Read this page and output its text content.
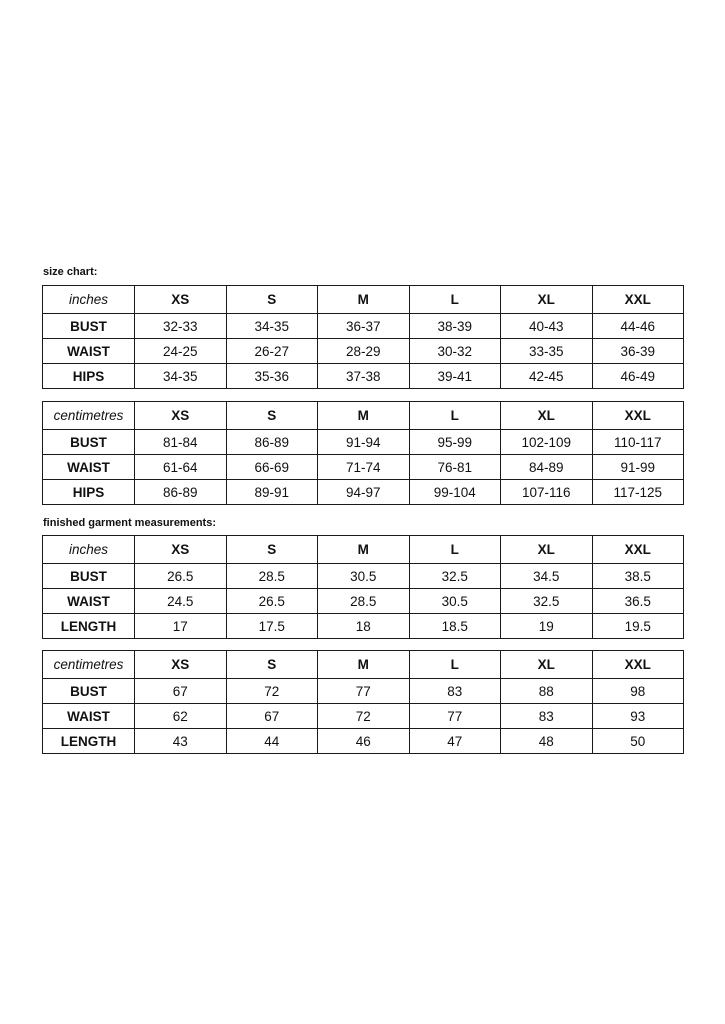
size chart:
inches	XS	S	M	L	XL	XXL
BUST	32-33	34-35	36-37	38-39	40-43	44-46
WAIST	24-25	26-27	28-29	30-32	33-35	36-39
HIPS	34-35	35-36	37-38	39-41	42-45	46-49
centimetres	XS	S	M	L	XL	XXL
BUST	81-84	86-89	91-94	95-99	102-109	110-117
WAIST	61-64	66-69	71-74	76-81	84-89	91-99
HIPS	86-89	89-91	94-97	99-104	107-116	117-125
finished garment measurements:
inches	XS	S	M	L	XL	XXL
BUST	26.5	28.5	30.5	32.5	34.5	38.5
WAIST	24.5	26.5	28.5	30.5	32.5	36.5
LENGTH	17	17.5	18	18.5	19	19.5
centimetres	XS	S	M	L	XL	XXL
BUST	67	72	77	83	88	98
WAIST	62	67	72	77	83	93
LENGTH	43	44	46	47	48	50
